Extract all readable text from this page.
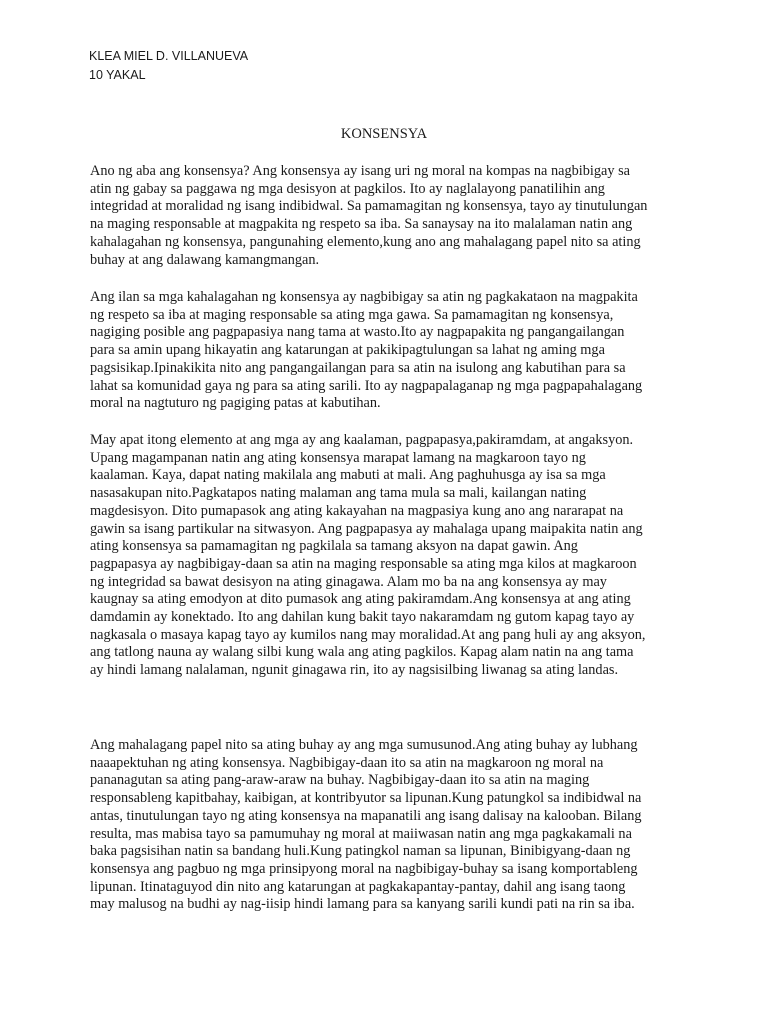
KLEA MIEL D. VILLANUEVA
10 YAKAL
KONSENSYA
Ano ng aba ang konsensya? Ang konsensya ay isang uri ng moral na kompas na nagbibigay sa
atin ng gabay sa paggawa ng mga desisyon at pagkilos. Ito ay naglalayong panatilihin ang
integridad at moralidad ng isang indibidwal. Sa pamamagitan ng konsensya, tayo ay tinutulungan
na maging responsable at magpakita ng respeto sa iba. Sa sanaysay na ito malalaman natin ang
kahalagahan ng konsensya, pangunahing elemento,kung ano ang mahalagang papel nito sa ating
buhay at ang dalawang kamangmangan.
Ang ilan sa mga kahalagahan ng konsensya ay nagbibigay sa atin ng pagkakataon na magpakita
ng respeto sa iba at maging responsable sa ating mga gawa. Sa pamamagitan ng konsensya,
nagiging posible ang pagpapasiya nang tama at wasto.Ito ay nagpapakita ng pangangailangan
para sa amin upang hikayatin ang katarungan at pakikipagtulungan sa lahat ng aming mga
pagsisikap.Ipinakikita nito ang pangangailangan para sa atin na isulong ang kabutihan para sa
lahat sa komunidad gaya ng para sa ating sarili. Ito ay nagpapalaganap ng mga pagpapahalagang
moral na nagtuturo ng pagiging patas at kabutihan.
May apat itong elemento at ang mga ay ang kaalaman, pagpapasya,pakiramdam, at angaksyon.
Upang magampanan natin ang ating konsensya marapat lamang na magkaroon tayo ng
kaalaman. Kaya, dapat nating makilala ang mabuti at mali. Ang paghuhusga ay isa sa mga
nasasakupan nito.Pagkatapos nating malaman ang tama mula sa mali, kailangan nating
magdesisyon. Dito pumapasok ang ating kakayahan na magpasiya kung ano ang nararapat na
gawin sa isang partikular na sitwasyon. Ang pagpapasya ay mahalaga upang maipakita natin ang
ating konsensya sa pamamagitan ng pagkilala sa tamang aksyon na dapat gawin. Ang
pagpapasya ay nagbibigay-daan sa atin na maging responsable sa ating mga kilos at magkaroon
ng integridad sa bawat desisyon na ating ginagawa. Alam mo ba na ang konsensya ay may
kaugnay sa ating emodyon at dito pumasok ang ating pakiramdam.Ang konsensya at ang ating
damdamin ay konektado. Ito ang dahilan kung bakit tayo nakaramdam ng gutom kapag tayo ay
nagkasala o masaya kapag tayo ay kumilos nang may moralidad.At ang pang huli ay ang aksyon,
ang tatlong nauna ay walang silbi kung wala ang ating pagkilos. Kapag alam natin na ang tama
ay hindi lamang nalalaman, ngunit ginagawa rin, ito ay nagsisilbing liwanag sa ating landas.
Ang mahalagang papel nito sa ating buhay ay ang mga sumusunod.Ang ating buhay ay lubhang
naaapektuhan ng ating konsensya. Nagbibigay-daan ito sa atin na magkaroon ng moral na
pananagutan sa ating pang-araw-araw na buhay. Nagbibigay-daan ito sa atin na maging
responsableng kapitbahay, kaibigan, at kontribyutor sa lipunan.Kung patungkol sa indibidwal na
antas, tinutulungan tayo ng ating konsensya na mapanatili ang isang dalisay na kalooban. Bilang
resulta, mas mabisa tayo sa pamumuhay ng moral at maiiwasan natin ang mga pagkakamali na
baka pagsisihan natin sa bandang huli.Kung patingkol naman sa lipunan, Binibigyang-daan ng
konsensya ang pagbuo ng mga prinsipyong moral na nagbibigay-buhay sa isang komportableng
lipunan. Itinataguyod din nito ang katarungan at pagkakapantay-pantay, dahil ang isang taong
may malusog na budhi ay nag-iisip hindi lamang para sa kanyang sarili kundi pati na rin sa iba.
